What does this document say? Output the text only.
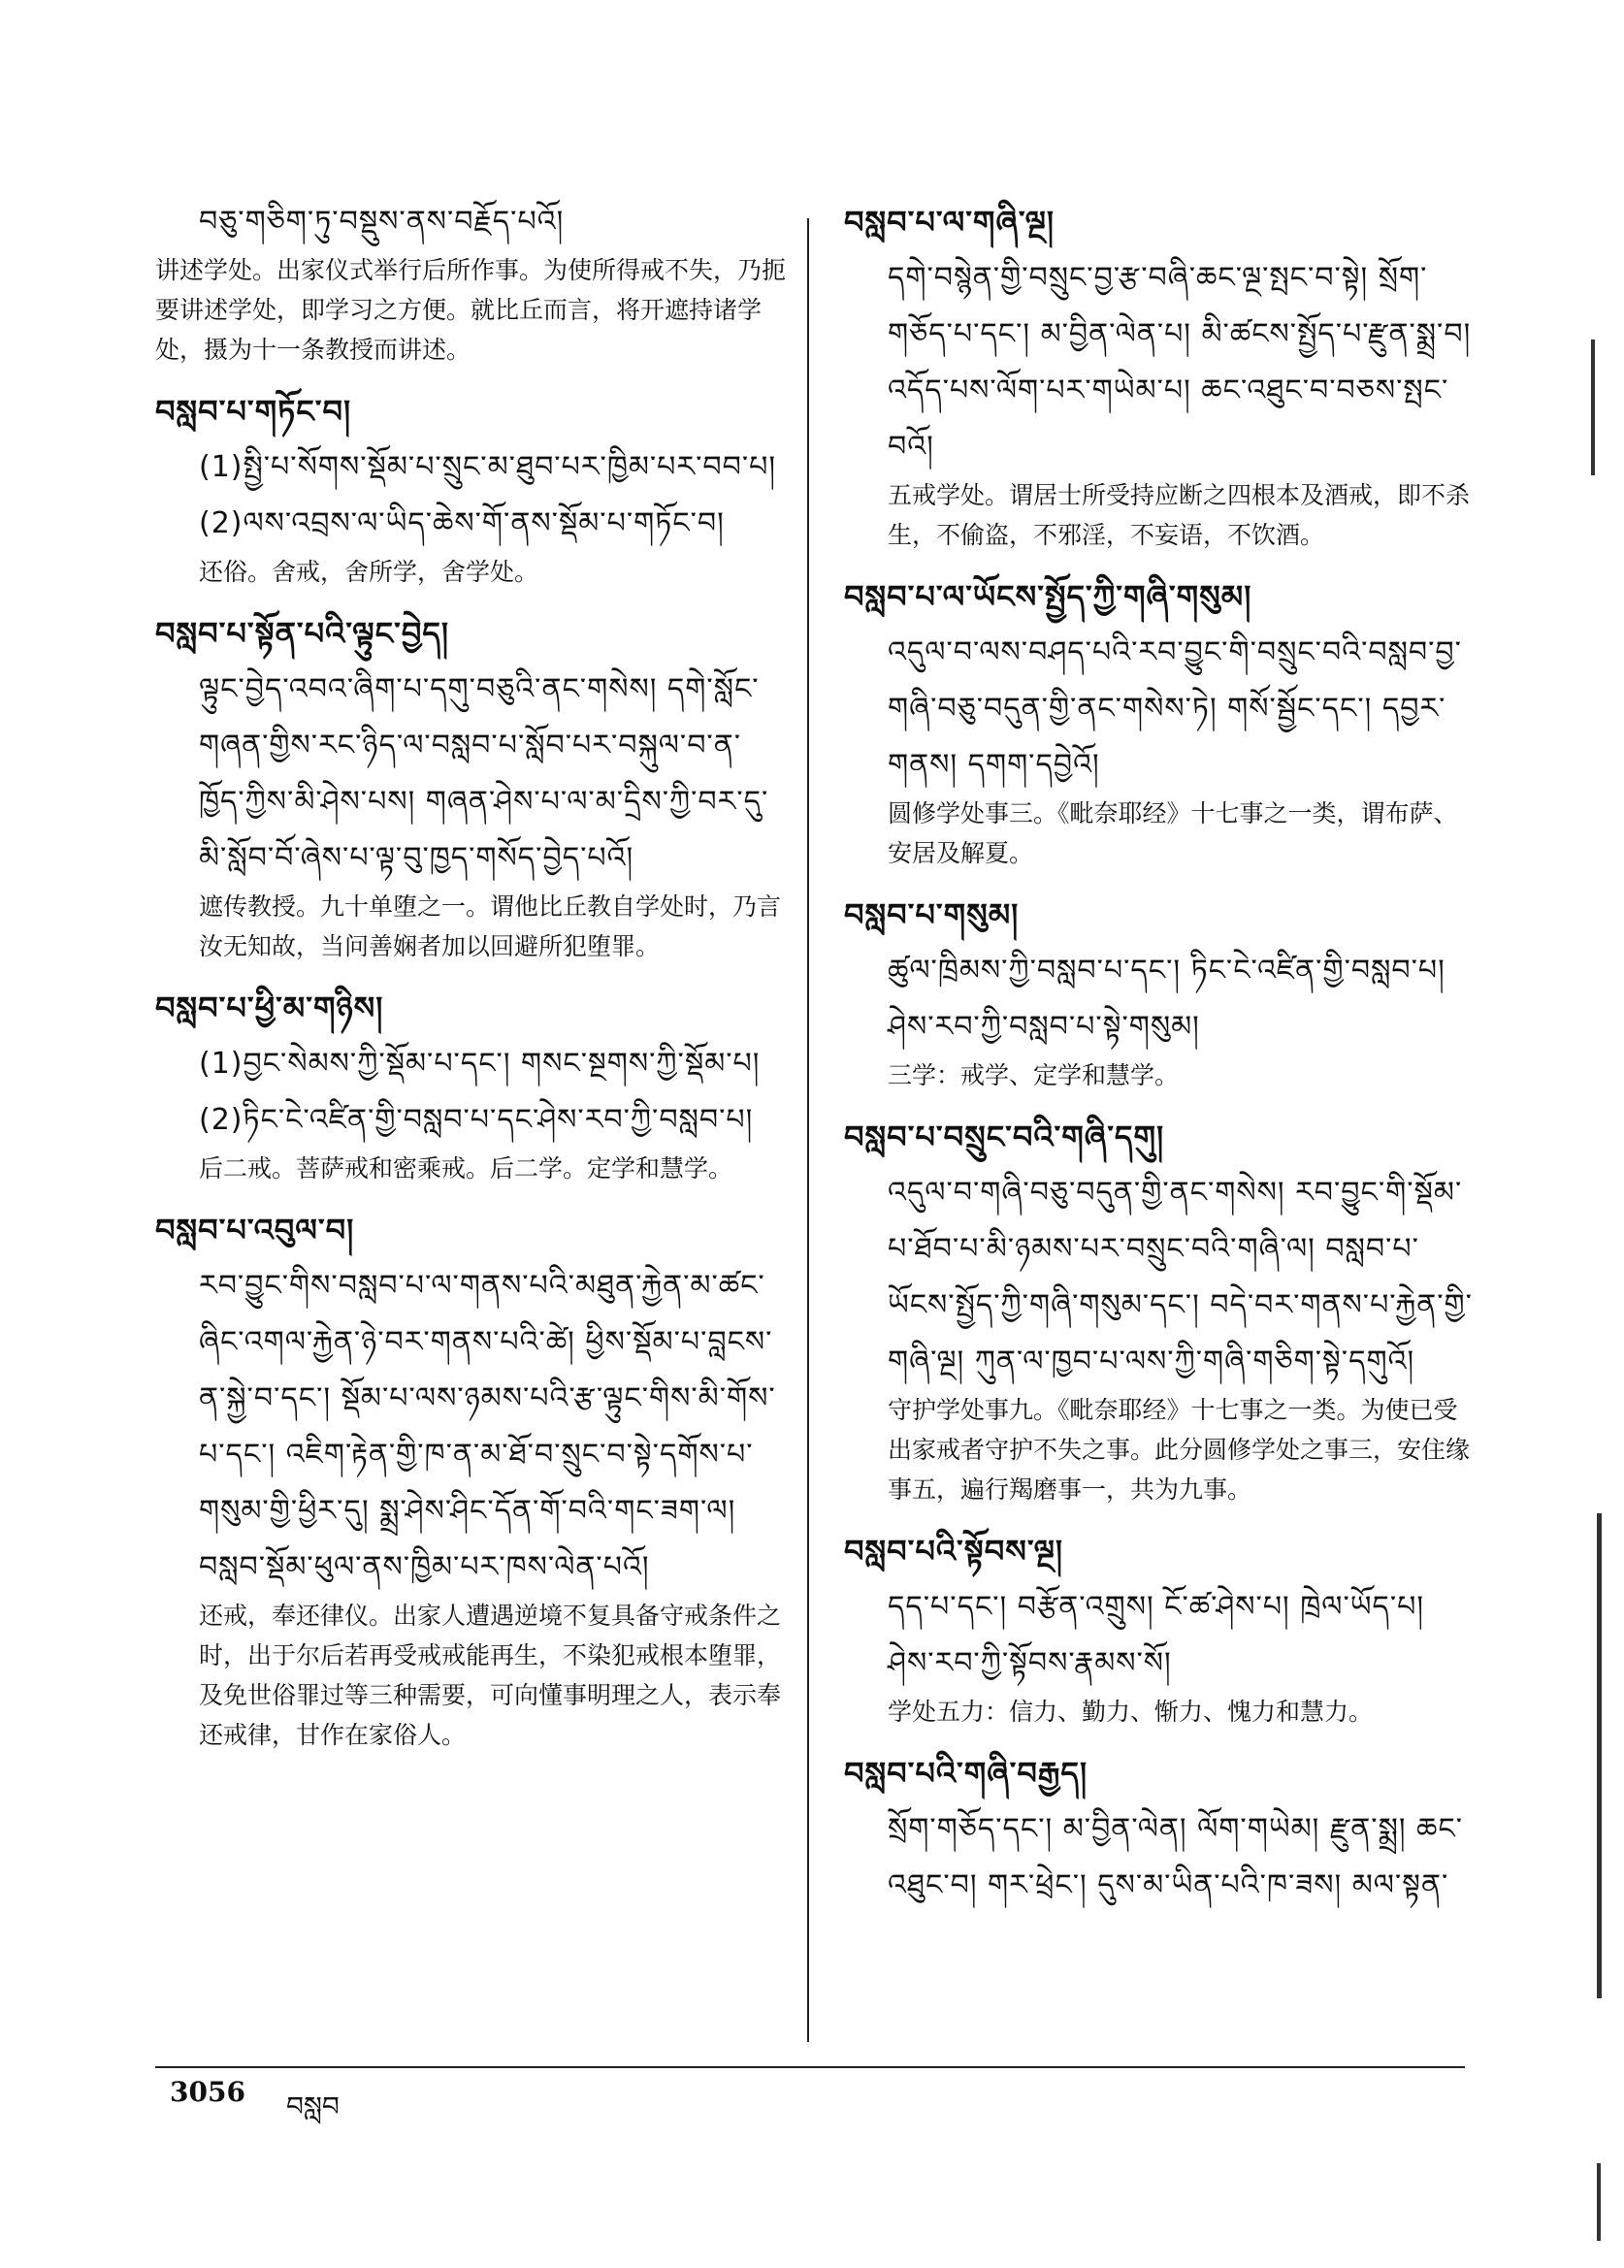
བཅུ་གཅིག་ཏུ་བསྡུས་ནས་བརྗོད་པའོ།
讲述学处。出家仪式举行后所作事。为使所得戒不失，乃扼要讲述学处，即学习之方便。就比丘而言，将开遮持诸学处，摄为十一条教授而讲述。
བསླབ་པ་གཏོང་བ།
(1)སྤྱི་པ་སོགས་སྡོམ་པ་སྲུང་མ་ཐུབ་པར་ཁྱིམ་པར་བབ་པ། (2)ལས་འབྲས་ལ་ཡིད་ཆེས་གོ་ནས་སྡོམ་པ་གཏོང་བ།
还俗。舍戒，舍所学，舍学处。
བསླབ་པ་སྟོན་པའི་ལྟུང་བྱེད།
ལྟུང་བྱེད་འབའ་ཞིག་པ་དགུ་བཅུའི་ནང་གསེས། དགེ་སློང་གཞན་གྱིས་རང་ཉིད་ལ་བསླབ་པ་སློབ་པར་བསྐུལ་བ་ན་ཁྱོད་ཀྱིས་མི་ཤེས་པས། གཞན་ཤེས་པ་ལ་མ་དྲིས་ཀྱི་བར་དུ་མི་སློབ་བོ་ཞེས་པ་ལྟ་བུ་ཁྱད་གསོད་བྱེད་པའོ།
遮传教授。九十单堕之一。谓他比丘教自学处时，乃言汝无知故，当问善娴者加以回避所犯堕罪。
བསླབ་པ་ཕྱི་མ་གཉིས།
(1)བྱང་སེམས་ཀྱི་སྡོམ་པ་དང་། གསང་སྔགས་ཀྱི་སྡོམ་པ། (2)ཏིང་ངེ་འཛིན་གྱི་བསླབ་པ་དང་ཤེས་རབ་ཀྱི་བསླབ་པ།
后二戒。菩萨戒和密乘戒。后二学。定学和慧学。
བསླབ་པ་འབུལ་བ།
རབ་བྱུང་གིས་བསླབ་པ་ལ་གནས་པའི་མཐུན་རྐྱེན་མ་ཚང་ཞིང་འགལ་རྐྱེན་ཉེ་བར་གནས་པའི་ཚེ། ཕྱིས་སྡོམ་པ་བླངས་ན་སྐྱེ་བ་དང་། སྡོམ་པ་ལས་ཉམས་པའི་རྩ་ལྟུང་གིས་མི་གོས་པ་དང་། འཇིག་རྟེན་གྱི་ཁ་ན་མ་ཐོ་བ་སྲུང་བ་སྟེ་དགོས་པ་གསུམ་གྱི་ཕྱིར་དུ། སྨྲ་ཤེས་ཤིང་དོན་གོ་བའི་གང་ཟག་ལ། བསླབ་སྡོམ་ཕུལ་ནས་ཁྱིམ་པར་ཁས་ལེན་པའོ།
还戒，奉还律仪。出家人遭遇逆境不复具备守戒条件之时，出于尔后若再受戒戒能再生，不染犯戒根本堕罪，及免世俗罪过等三种需要，可向懂事明理之人，表示奉还戒律，甘作在家俗人。
བསླབ་པ་ལ་གཞི་ལྔ།
དགེ་བསྙེན་གྱི་བསྲུང་བྱ་རྩ་བཞི་ཆང་ལྔ་སྤང་བ་སྟེ། སྲོག་གཅོད་པ་དང་། མ་བྱིན་ལེན་པ། མི་ཚངས་སྤྱོད་པ་རྫུན་སྨྲ་བ། འདོད་པས་ལོག་པར་གཡེམ་པ། ཆང་འཐུང་བ་བཅས་སྤང་བའོ།
五戒学处。谓居士所受持应断之四根本及酒戒，即不杀生，不偷盗，不邪淫，不妄语，不饮酒。
བསླབ་པ་ལ་ཡོངས་སྤྱོད་ཀྱི་གཞི་གསུམ།
འདུལ་བ་ལས་བཤད་པའི་རབ་བྱུང་གི་བསྲུང་བའི་བསླབ་བྱ་གཞི་བཅུ་བདུན་གྱི་ནང་གསེས་ཏེ། གསོ་སྦྱོང་དང་། དབྱར་གནས། དགག་དབྱེའོ།
圆修学处事三。《毗奈耶经》十七事之一类，谓布萨、安居及解夏。
བསླབ་པ་གསུམ།
ཚུལ་ཁྲིམས་ཀྱི་བསླབ་པ་དང་། ཏིང་ངེ་འཛིན་གྱི་བསླབ་པ། ཤེས་རབ་ཀྱི་བསླབ་པ་སྟེ་གསུམ།
三学：戒学、定学和慧学。
བསླབ་པ་བསྲུང་བའི་གཞི་དགུ།
འདུལ་བ་གཞི་བཅུ་བདུན་གྱི་ནང་གསེས། རབ་བྱུང་གི་སྡོམ་པ་ཐོབ་པ་མི་ཉམས་པར་བསྲུང་བའི་གཞི་ལ། བསླབ་པ་ཡོངས་སྤྱོད་ཀྱི་གཞི་གསུམ་དང་། བདེ་བར་གནས་པ་རྐྱེན་གྱི་གཞི་ལྔ། ཀུན་ལ་ཁྱབ་པ་ལས་ཀྱི་གཞི་གཅིག་སྟེ་དགུའོ།
守护学处事九。《毗奈耶经》十七事之一类。为使已受出家戒者守护不失之事。此分圆修学处之事三，安住缘事五，遍行羯磨事一，共为九事。
བསླབ་པའི་སྟོབས་ལྔ།
དད་པ་དང་། བརྩོན་འགྲུས། ངོ་ཚ་ཤེས་པ། ཁྲེལ་ཡོད་པ། ཤེས་རབ་ཀྱི་སྟོབས་རྣམས་སོ།
学处五力：信力、勤力、惭力、愧力和慧力。
བསླབ་པའི་གཞི་བརྒྱད།
སྲོག་གཅོད་དང་། མ་བྱིན་ལེན། ལོག་གཡེམ། རྫུན་སྨྲ། ཆང་འཐུང་བ། གར་ཕྲེང་། དུས་མ་ཡིན་པའི་ཁ་ཟས། མལ་སྟན་
3056 བསླབ
